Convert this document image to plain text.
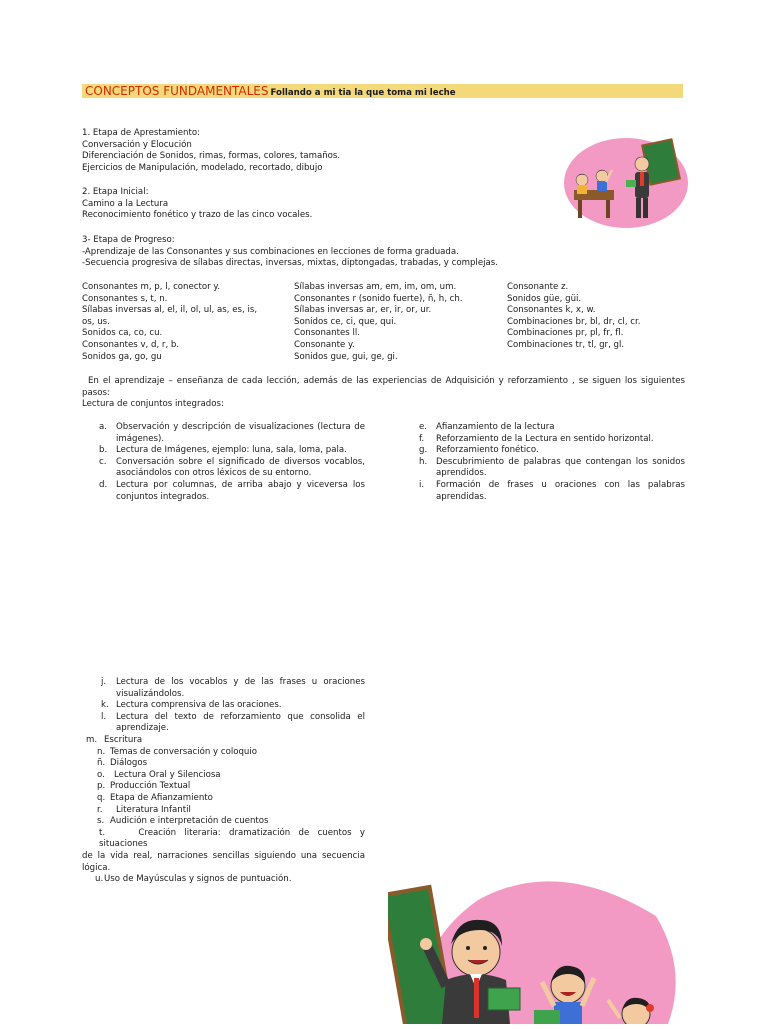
CONCEPTOS FUNDAMENTALES Follando a mi tia la que toma mi leche

1. Etapa de Aprestamiento:

Conversación y Elocución

Diferenciación de Sonidos, rimas, formas, colores, tamaños.

Ejercicios de Manipulación, modelado, recortado, dibujo

2. Etapa Inicial:

Camino a la Lectura

Reconocimiento fonético y trazo de las cinco vocales.

3- Etapa de Progreso:

-Aprendizaje de las Consonantes y sus combinaciones en lecciones de forma graduada.

-Secuencia progresiva de sílabas directas, inversas, mixtas, diptongadas, trabadas, y complejas.

Consonantes m, p, l, conector y.

Consonantes s, t, n.

Sílabas inversas al, el, il, ol, ul, as, es, is,

os, us.

Sonidos ca, co, cu.

Consonantes v, d, r, b.

Sonidos ga, go, gu

Sílabas inversas am, em, im, om, um.

Consonantes r (sonido fuerte), ñ, h, ch.

Sílabas inversas ar, er, ir, or, ur.

Sonidos ce, ci, que, qui.

Consonantes ll.

Consonante y.

Sonidos gue, gui, ge, gi.

Consonante z.

Sonidos güe, güi.

Consonantes k, x, w.

Combinaciones br, bl, dr, cl, cr.

Combinaciones pr, pl, fr, fl.

Combinaciones tr, tl, gr, gl.

En el aprendizaje – enseñanza de cada lección, además de las experiencias de Adquisición y reforzamiento , se siguen los siguientes pasos:

Lectura de conjuntos integrados:

a. Observación y descripción de visualizaciones (lectura de imágenes).
b. Lectura de Imágenes, ejemplo: luna, sala, loma, pala.
c. Conversación sobre el significado de diversos vocablos, asociándolos con otros léxicos de su entorno.
d. Lectura por columnas, de arriba abajo y viceversa los conjuntos integrados.
e. Afianzamiento de la lectura
f. Reforzamiento de la Lectura en sentido horizontal.
g. Reforzamiento fonético.
h. Descubrimiento de palabras que contengan los sonidos aprendidos.
i. Formación de frases u oraciones con las palabras aprendidas.
j. Lectura de los vocablos y de las frases u oraciones visualizándolos.
k. Lectura comprensiva de las oraciones.
l. Lectura del texto de reforzamiento que consolida el aprendizaje.
m. Escritura
n. Temas de conversación y coloquio
ñ. Diálogos
o. Lectura Oral y Silenciosa
p. Producción Textual
q. Etapa de Afianzamiento
r. Literatura Infantil
s. Audición e interpretación de cuentos
t.	Creación literaria: dramatización de cuentos y situaciones
de la vida real, narraciones sencillas siguiendo una secuencia lógica.
u. Uso de Mayúsculas y signos de puntuación.
